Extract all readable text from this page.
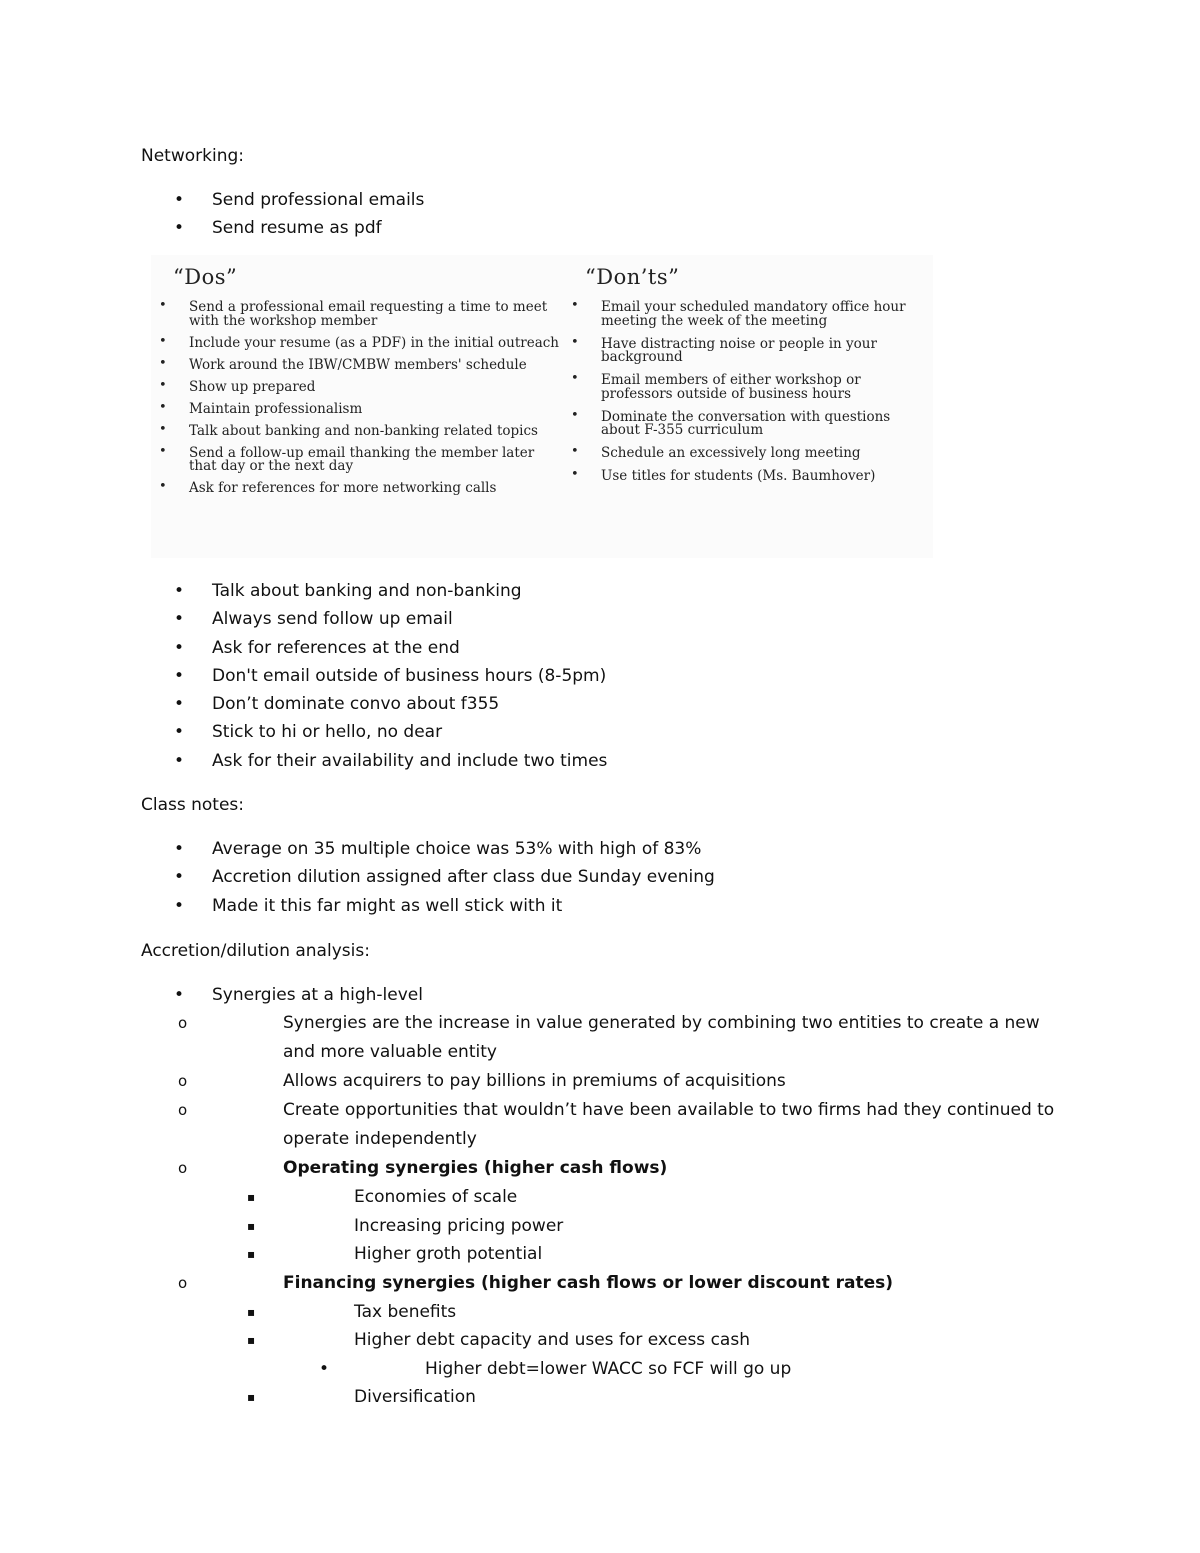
Networking:
• Send professional emails
• Send resume as pdf
“Dos”
• Send a professional email requesting a time to meet with the workshop member
• Include your resume (as a PDF) in the initial outreach
• Work around the IBW/CMBW members' schedule
• Show up prepared
• Maintain professionalism
• Talk about banking and non-banking related topics
• Send a follow-up email thanking the member later that day or the next day
• Ask for references for more networking calls
“Don’ts”
• Email your scheduled mandatory office hour meeting the week of the meeting
• Have distracting noise or people in your background
• Email members of either workshop or professors outside of business hours
• Dominate the conversation with questions about F-355 curriculum
• Schedule an excessively long meeting
• Use titles for students (Ms. Baumhover)
• Talk about banking and non-banking
• Always send follow up email
• Ask for references at the end
• Don't email outside of business hours (8-5pm)
• Don’t dominate convo about f355
• Stick to hi or hello, no dear
• Ask for their availability and include two times
Class notes:
• Average on 35 multiple choice was 53% with high of 83%
• Accretion dilution assigned after class due Sunday evening
• Made it this far might as well stick with it
Accretion/dilution analysis:
• Synergies at a high-level
o Synergies are the increase in value generated by combining two entities to create a new and more valuable entity
o Allows acquirers to pay billions in premiums of acquisitions
o Create opportunities that wouldn’t have been available to two firms had they continued to operate independently
o Operating synergies (higher cash flows)
▪ Economies of scale
▪ Increasing pricing power
▪ Higher groth potential
o Financing synergies (higher cash flows or lower discount rates)
▪ Tax benefits
▪ Higher debt capacity and uses for excess cash
• Higher debt=lower WACC so FCF will go up
▪ Diversification
